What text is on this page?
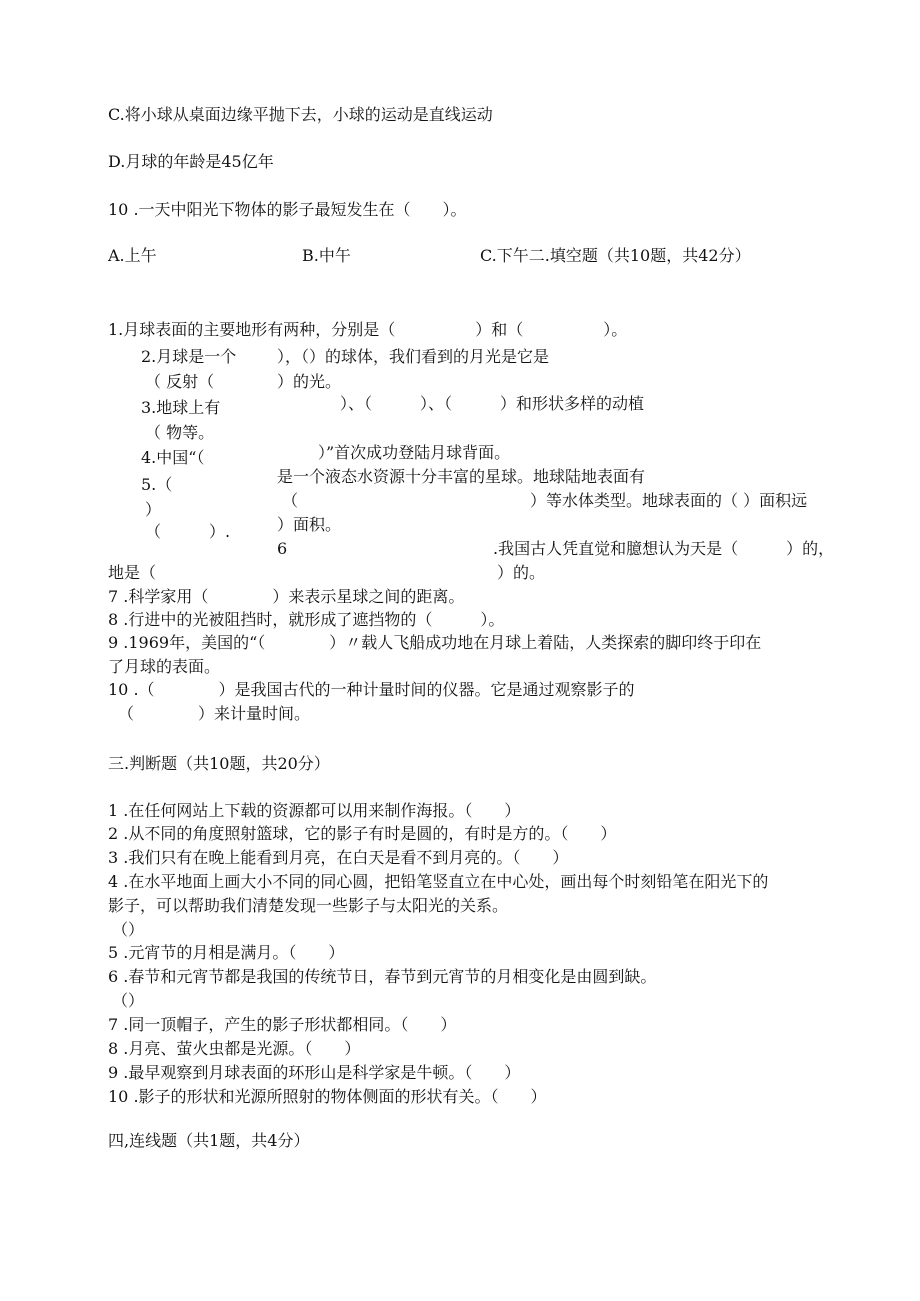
C.将小球从桌面边缘平抛下去，小球的运动是直线运动
D.月球的年龄是45亿年
10 .一天中阳光下物体的影子最短发生在（　　）。
A.上午	B.中午	C.下午二.填空题（共10题，共42分）
1.月球表面的主要地形有两种，分别是（　　　　　）和（　　　　　）。
2.月球是一个	），（）的球体，我们看到的月光是它是
（ 反射（	）的光。
3.地球上有	）、（　　　）、（　　　）和形状多样的动植
（ 物等。
4.中国“（	）”首次成功登陆月球背面。
5.（	是一个液态水资源十分丰富的星球。地球陆地表面有
）	（	）等水体类型。地球表面的（ ）面积远
（　　　）.	）面积。
6	.我国古人凭直觉和臆想认为天是（　　　）的，
地是（	）的。
7 .科学家用（　　　　）来表示星球之间的距离。
8 .行进中的光被阻挡时，就形成了遮挡物的（　　　）。
9 .1969年，美国的“（　　　　）〃载人飞船成功地在月球上着陆，人类探索的脚印终于印在
了月球的表面。
10 .（　　　　）是我国古代的一种计量时间的仪器。它是通过观察影子的
（　　　　）来计量时间。
三.判断题（共10题，共20分）
1 .在任何网站上下载的资源都可以用来制作海报。（　　）
2 .从不同的角度照射篮球，它的影子有时是圆的，有时是方的。（　　）
3 .我们只有在晚上能看到月亮，在白天是看不到月亮的。（　　）
4 .在水平地面上画大小不同的同心圆，把铅笔竖直立在中心处，画出每个时刻铅笔在阳光下的
影子，可以帮助我们清楚发现一些影子与太阳光的关系。
（）
5 .元宵节的月相是满月。（　　）
6 .春节和元宵节都是我国的传统节日，春节到元宵节的月相变化是由圆到缺。
（）
7 .同一顶帽子，产生的影子形状都相同。（　　）
8 .月亮、萤火虫都是光源。（　　）
9 .最早观察到月球表面的环形山是科学家是牛顿。（　　）
10 .影子的形状和光源所照射的物体侧面的形状有关。（　　）
四,连线题（共1题，共4分）
